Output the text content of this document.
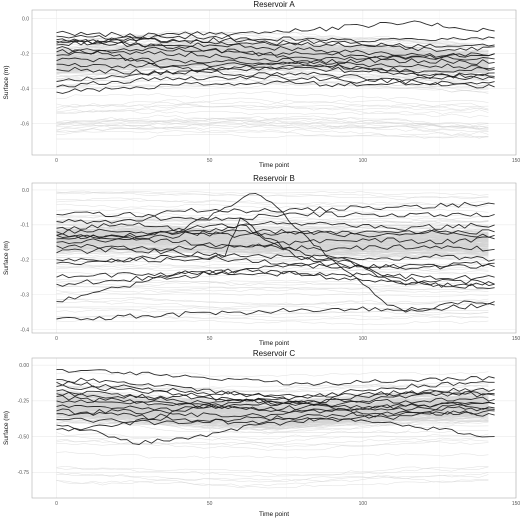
0	50	100	150
0.0
-0.2
-0.4
-0.6
Reservoir A
Time point
Surface (m)
0	50	100	150
0.0
-0.1
-0.2
-0.3
-0.4
Reservoir B
Time point
Surface (m)
0	50	100	150
0.00
-0.25
-0.50
-0.75
Reservoir C
Time point
Surface (m)
